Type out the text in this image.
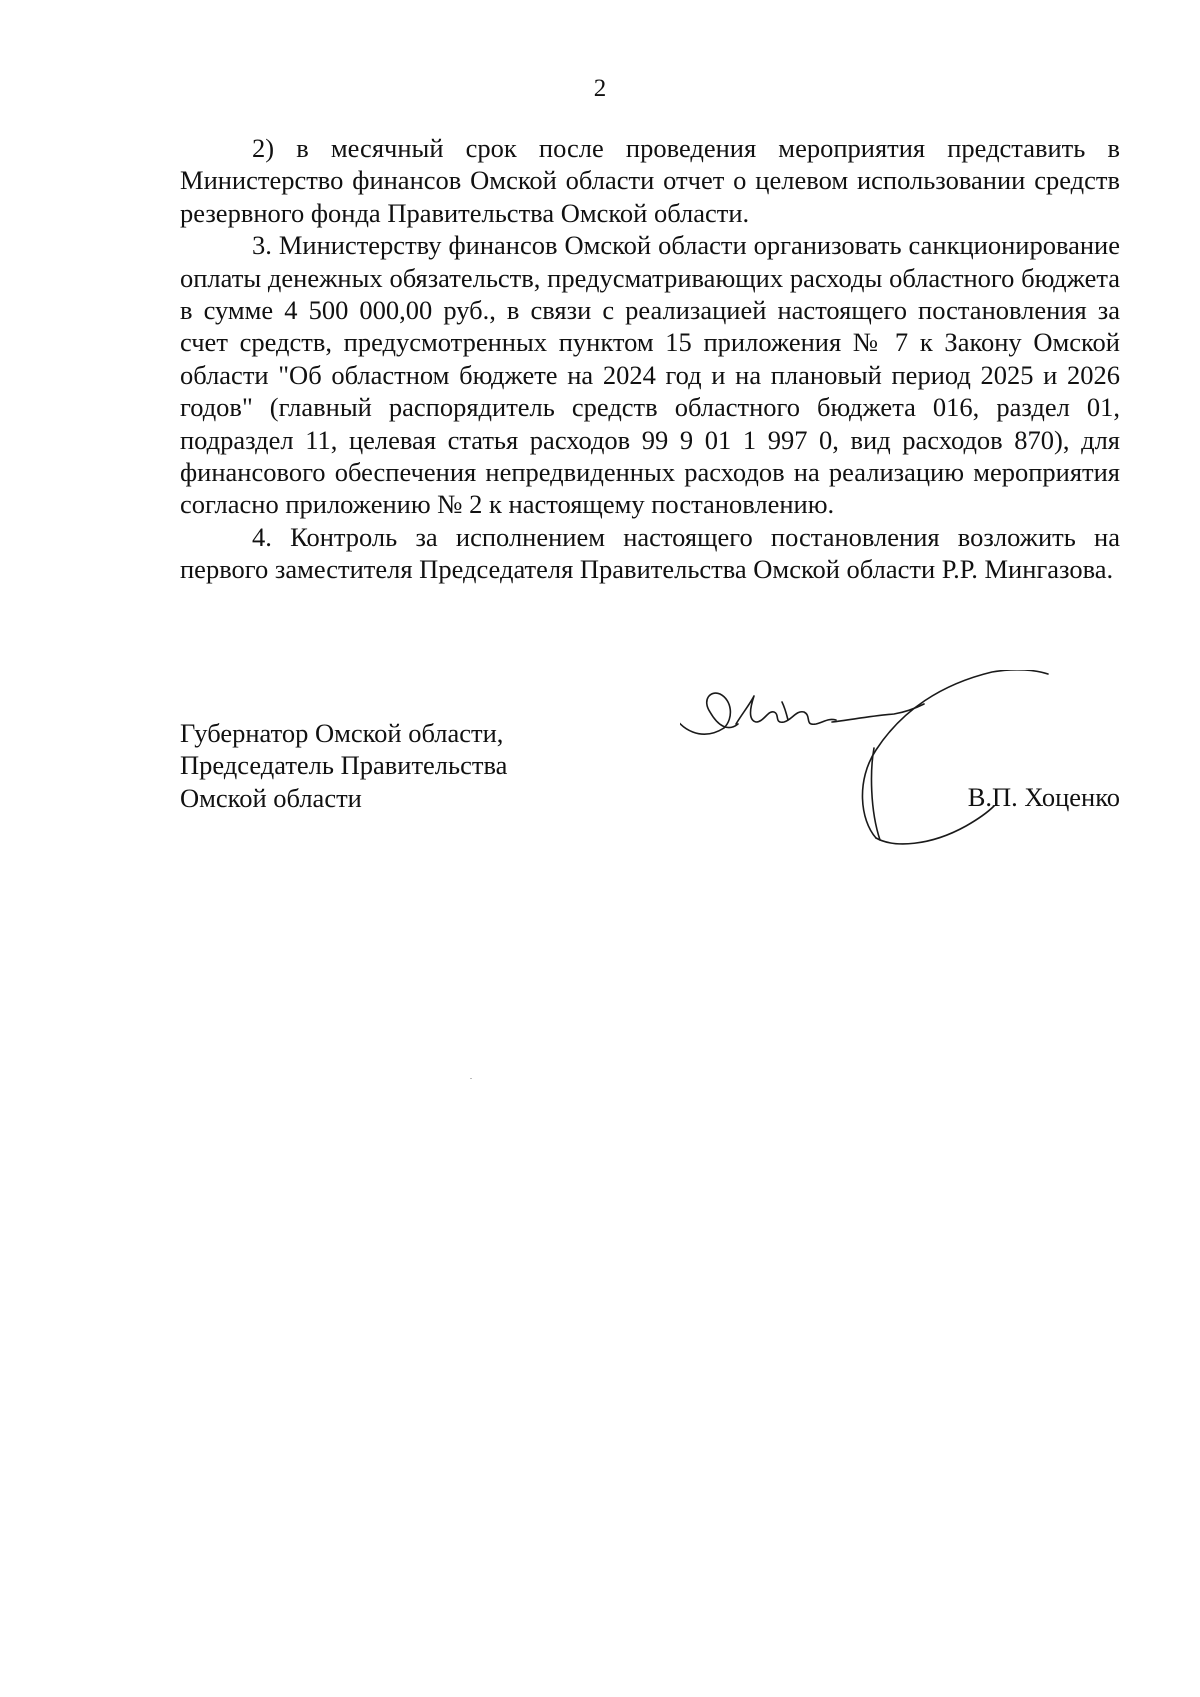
2

2) в месячный срок после проведения мероприятия представить в Министерство финансов Омской области отчет о целевом использовании средств резервного фонда Правительства Омской области.

3. Министерству финансов Омской области организовать санкционирование оплаты денежных обязательств, предусматривающих расходы областного бюджета в сумме 4 500 000,00 руб., в связи с реализацией настоящего постановления за счет средств, предусмотренных пунктом 15 приложения № 7 к Закону Омской области "Об областном бюджете на 2024 год и на плановый период 2025 и 2026 годов" (главный распорядитель средств областного бюджета 016, раздел 01, подраздел 11, целевая статья расходов 99 9 01 1 997 0, вид расходов 870), для финансового обеспечения непредвиденных расходов на реализацию мероприятия согласно приложению № 2 к настоящему постановлению.

4. Контроль за исполнением настоящего постановления возложить на первого заместителя Председателя Правительства Омской области Р.Р. Мингазова.

Губернатор Омской области,
Председатель Правительства
Омской области	В.П. Хоценко
